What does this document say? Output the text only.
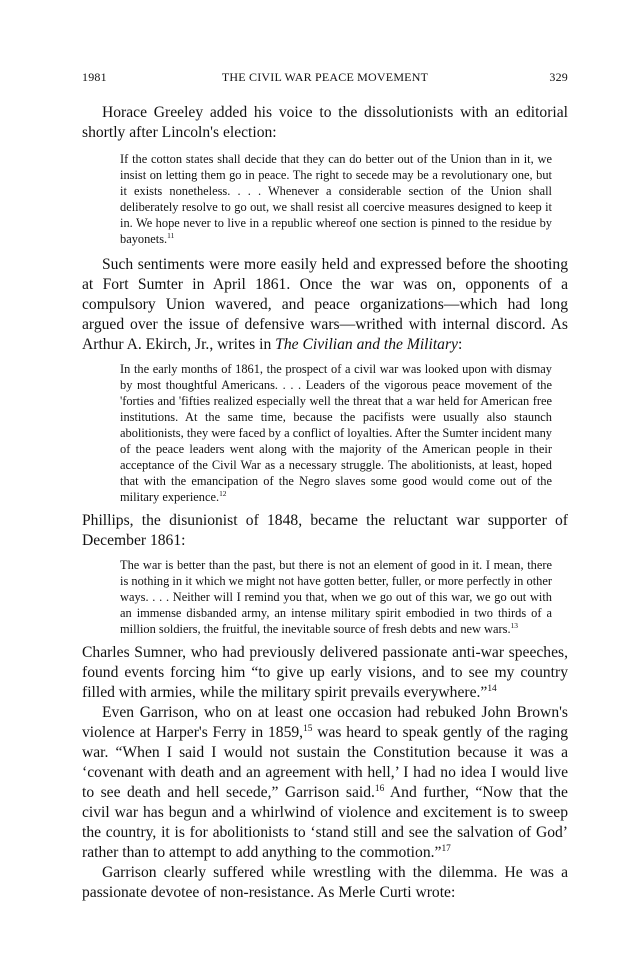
1981	THE CIVIL WAR PEACE MOVEMENT	329

Horace Greeley added his voice to the dissolutionists with an editorial shortly after Lincoln's election:

If the cotton states shall decide that they can do better out of the Union than in it, we insist on letting them go in peace. The right to secede may be a revolutionary one, but it exists nonetheless. . . . Whenever a considerable section of the Union shall deliberately resolve to go out, we shall resist all coercive measures designed to keep it in. We hope never to live in a republic whereof one section is pinned to the residue by bayonets.$^{11}$

Such sentiments were more easily held and expressed before the shooting at Fort Sumter in April 1861. Once the war was on, opponents of a compulsory Union wavered, and peace organizations—which had long argued over the issue of defensive wars—writhed with internal discord. As Arthur A. Ekirch, Jr., writes in The Civilian and the Military:

In the early months of 1861, the prospect of a civil war was looked upon with dismay by most thoughtful Americans. . . . Leaders of the vigorous peace movement of the 'forties and 'fifties realized especially well the threat that a war held for American free institutions. At the same time, because the pacifists were usually also staunch abolitionists, they were faced by a conflict of loyalties. After the Sumter incident many of the peace leaders went along with the majority of the American people in their acceptance of the Civil War as a necessary struggle. The abolitionists, at least, hoped that with the emancipation of the Negro slaves some good would come out of the military experience.$^{12}$

Phillips, the disunionist of 1848, became the reluctant war supporter of December 1861:

The war is better than the past, but there is not an element of good in it. I mean, there is nothing in it which we might not have gotten better, fuller, or more perfectly in other ways. . . . Neither will I remind you that, when we go out of this war, we go out with an immense disbanded army, an intense military spirit embodied in two thirds of a million soldiers, the fruitful, the inevitable source of fresh debts and new wars.$^{13}$

Charles Sumner, who had previously delivered passionate anti-war speeches, found events forcing him “to give up early visions, and to see my country filled with armies, while the military spirit prevails everywhere.”$^{14}$

Even Garrison, who on at least one occasion had rebuked John Brown's violence at Harper's Ferry in 1859,15 was heard to speak gently of the raging war. “When I said I would not sustain the Constitution because it was a ‘covenant with death and an agreement with hell,’ I had no idea I would live to see death and hell secede,” Garrison said.$^{16}$ And further, “Now that the civil war has begun and a whirlwind of violence and excitement is to sweep the country, it is for abolitionists to ‘stand still and see the salvation of God’ rather than to attempt to add anything to the commotion.”$^{17}$

Garrison clearly suffered while wrestling with the dilemma. He was a passionate devotee of non-resistance. As Merle Curti wrote:
